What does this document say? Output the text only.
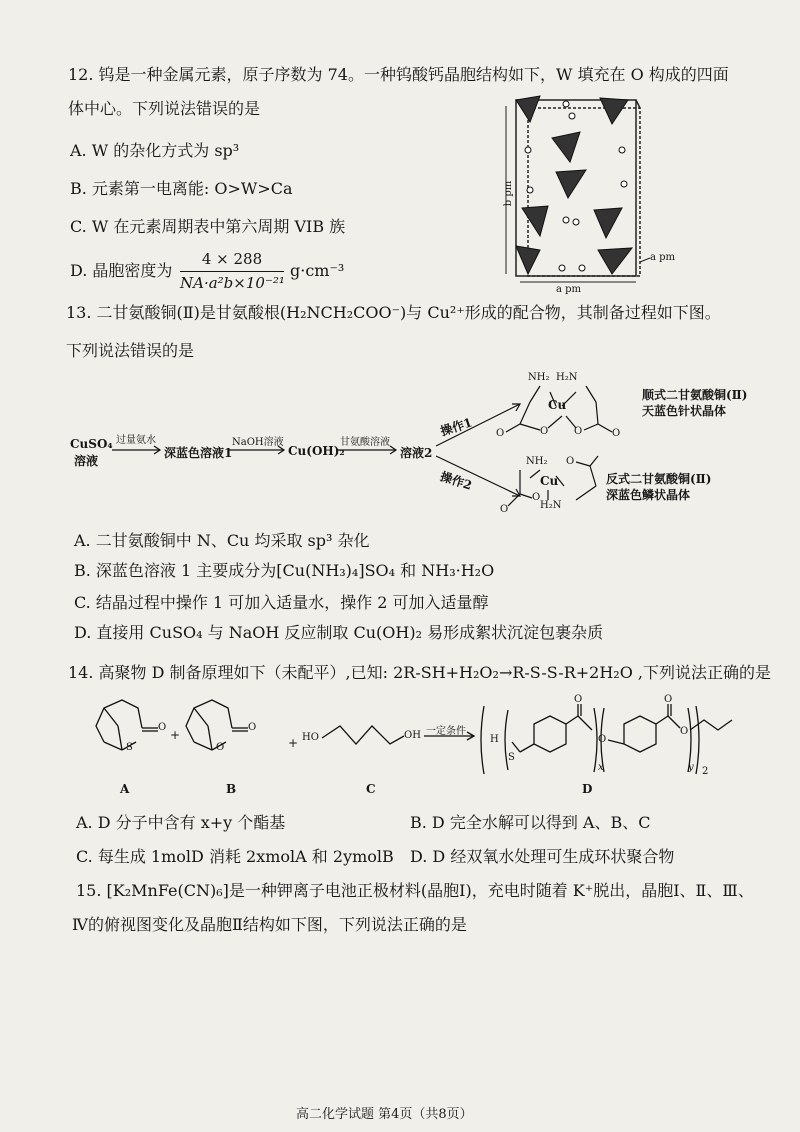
12. 钨是一种金属元素，原子序数为 74。一种钨酸钙晶胞结构如下，W 填充在 O 构成的四面
体中心。下列说法错误的是
A. W 的杂化方式为 sp³
B. 元素第一电离能: O>W>Ca
C. W 在元素周期表中第六周期 VIB 族
D. 晶胞密度为
4 × 288
NA·a²b×10⁻²¹
g·cm⁻³
b pm
a pm
a pm
13. 二甘氨酸铜(Ⅱ)是甘氨酸根(H₂NCH₂COO⁻)与 Cu²⁺形成的配合物，其制备过程如下图。
下列说法错误的是
CuSO₄
溶液
过量氨水
深蓝色溶液1
NaOH溶液
Cu(OH)₂
甘氨酸溶液
溶液2
操作1
操作2
NH₂ H₂N
Cu
O	O	O	O
顺式二甘氨酸铜(Ⅱ)
天蓝色针状晶体
NH₂ O
Cu
O
O	H₂N
反式二甘氨酸铜(Ⅱ)
深蓝色鳞状晶体
A. 二甘氨酸铜中 N、Cu 均采取 sp³ 杂化
B. 深蓝色溶液 1 主要成分为[Cu(NH₃)₄]SO₄ 和 NH₃·H₂O
C. 结晶过程中操作 1 可加入适量水，操作 2 可加入适量醇
D. 直接用 CuSO₄ 与 NaOH 反应制取 Cu(OH)₂ 易形成絮状沉淀包裹杂质
14. 高聚物 D 制备原理如下（未配平）,已知: 2R-SH+H₂O₂→R-S-S-R+2H₂O ,下列说法正确的是
S
O
O
O
+
+ HO	OH 一定条件
H
S
O
O
O
O
x	y 2
A	B	C	D
A. D 分子中含有 x+y 个酯基	B. D 完全水解可以得到 A、B、C
C. 每生成 1molD 消耗 2xmolA 和 2ymolB D. D 经双氧水处理可生成环状聚合物
15. [K₂MnFe(CN)₆]是一种钾离子电池正极材料(晶胞Ⅰ)，充电时随着 K⁺脱出，晶胞Ⅰ、Ⅱ、Ⅲ、
Ⅳ的俯视图变化及晶胞Ⅱ结构如下图，下列说法正确的是
高二化学试题 第4页（共8页）
